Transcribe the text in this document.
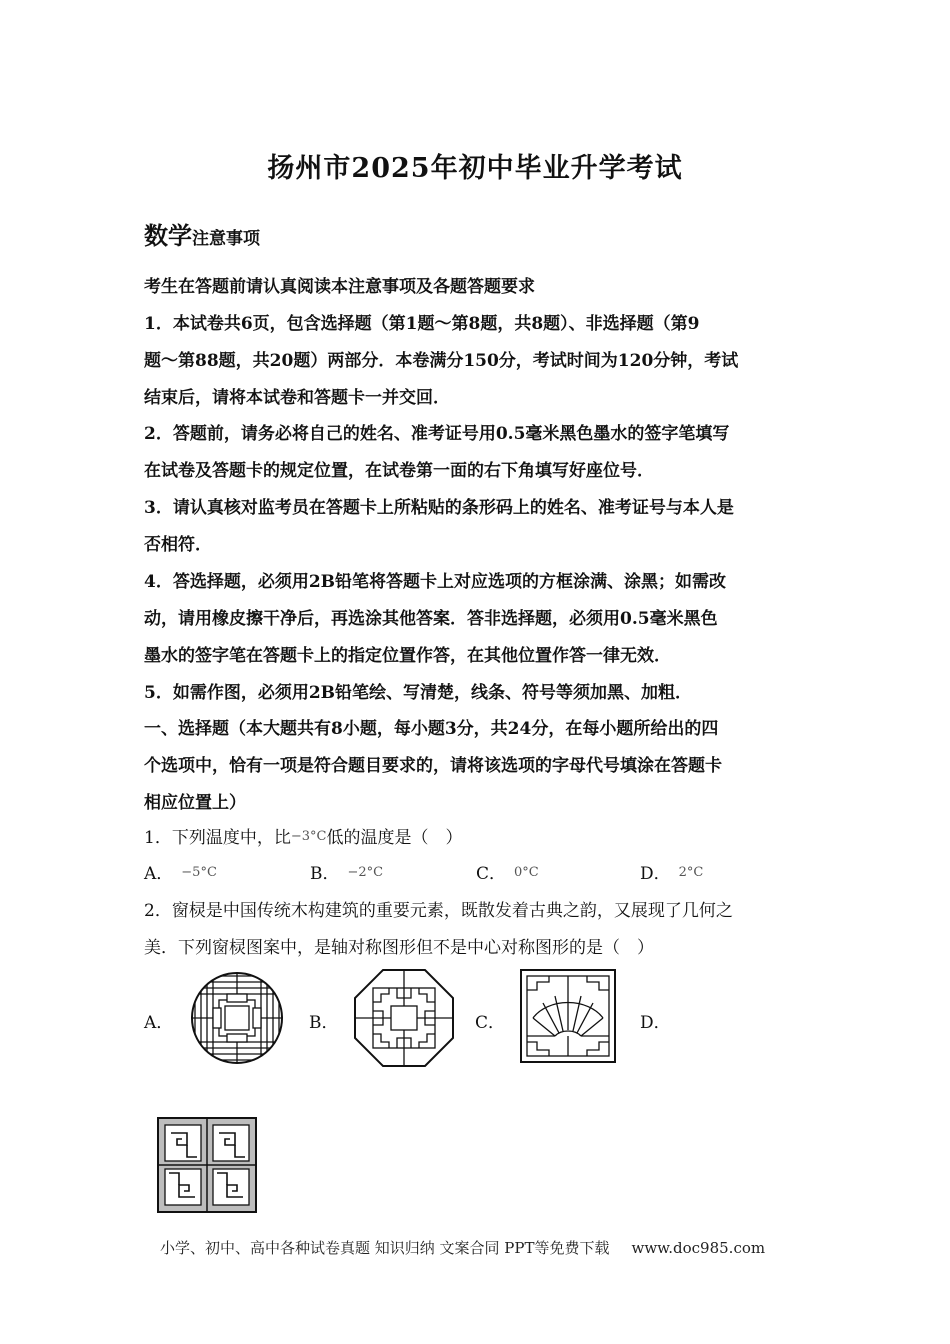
扬州市2025年初中毕业升学考试
数学注意事项
考生在答题前请认真阅读本注意事项及各题答题要求
1．本试卷共6页，包含选择题（第1题～第8题，共8题）、非选择题（第9
题～第88题，共20题）两部分．本卷满分150分，考试时间为120分钟，考试
结束后，请将本试卷和答题卡一并交回．
2．答题前，请务必将自己的姓名、准考证号用0.5毫米黑色墨水的签字笔填写
在试卷及答题卡的规定位置，在试卷第一面的右下角填写好座位号．
3．请认真核对监考员在答题卡上所粘贴的条形码上的姓名、准考证号与本人是
否相符．
4．答选择题，必须用2B铅笔将答题卡上对应选项的方框涂满、涂黑；如需改
动，请用橡皮擦干净后，再选涂其他答案．答非选择题，必须用0.5毫米黑色
墨水的签字笔在答题卡上的指定位置作答，在其他位置作答一律无效．
5．如需作图，必须用2B铅笔绘、写清楚，线条、符号等须加黑、加粗．
一、选择题（本大题共有8小题，每小题3分，共24分，在每小题所给出的四
个选项中，恰有一项是符合题目要求的，请将该选项的字母代号填涂在答题卡
相应位置上）
1．下列温度中，比−3°C低的温度是（　）
A． −5°C	B． −2°C	C． 0°C	D． 2°C
2．窗棂是中国传统木构建筑的重要元素，既散发着古典之韵，又展现了几何之
美．下列窗棂图案中，是轴对称图形但不是中心对称图形的是（　）
A．	B．	C．	D．
小学、初中、高中各种试卷真题 知识归纳 文案合同 PPT等免费下载 www.doc985.com
